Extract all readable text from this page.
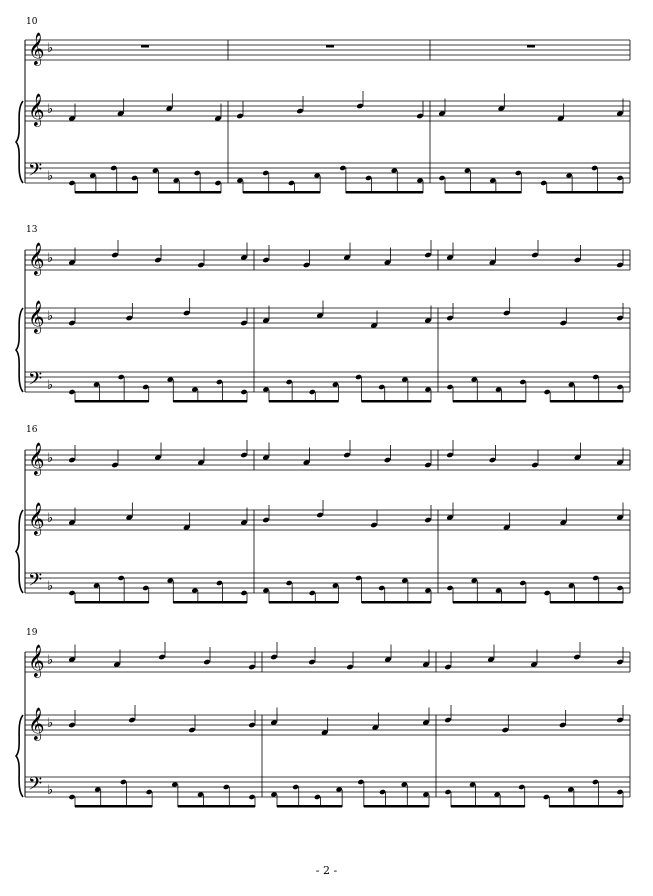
10
13
16
19
𝄞 ♭
𝄞 ♭
𝄢 ♭
𝄞 ♭
𝄞 ♭
𝄢 ♭
𝄞 ♭
𝄞 ♭
𝄢 ♭
𝄞 ♭
𝄞 ♭
𝄢 ♭
- 2 -
